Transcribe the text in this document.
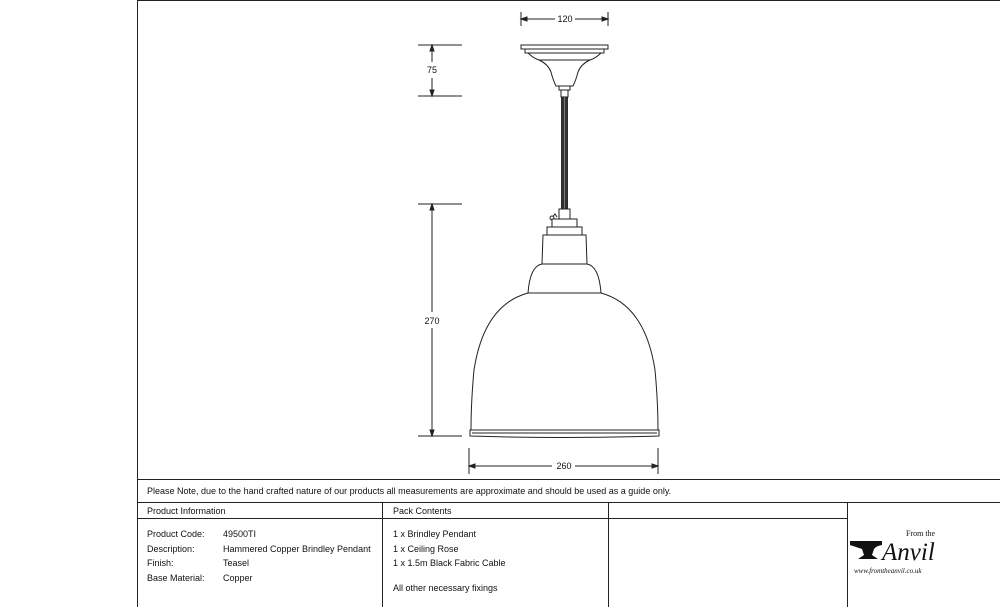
120
75
270
260
Please Note, due to the hand crafted nature of our products all measurements are approximate and should be used as a guide only.
Product Information
Product Code: 49500TI
Description:	Hammered Copper Brindley Pendant
Finish:	Teasel
Base Material: Copper
Pack Contents
1 x Brindley Pendant
1 x Ceiling Rose
1 x 1.5m Black Fabric Cable
All other necessary fixings
From the
Anvil
www.fromtheanvil.co.uk
